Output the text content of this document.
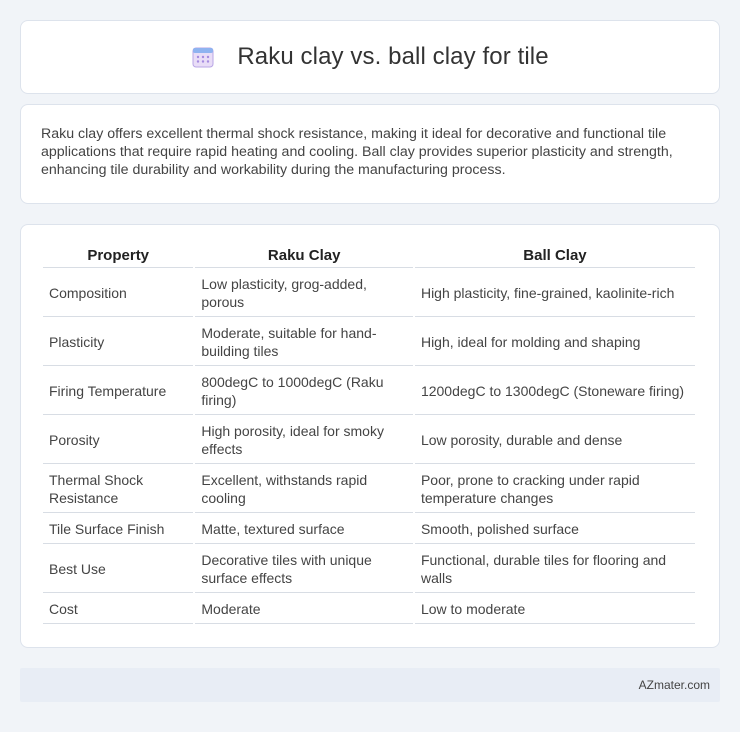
Raku clay vs. ball clay for tile

Raku clay offers excellent thermal shock resistance, making it ideal for decorative and functional tile applications that require rapid heating and cooling. Ball clay provides superior plasticity and strength, enhancing tile durability and workability during the manufacturing process.

Property	Raku Clay	Ball Clay
Composition	Low plasticity, grog-added, porous	High plasticity, fine-grained, kaolinite-rich
Plasticity	Moderate, suitable for hand-building tiles	High, ideal for molding and shaping
Firing Temperature	800degC to 1000degC (Raku firing)	1200degC to 1300degC (Stoneware firing)
Porosity	High porosity, ideal for smoky effects	Low porosity, durable and dense
Thermal Shock Resistance	Excellent, withstands rapid cooling	Poor, prone to cracking under rapid temperature changes
Tile Surface Finish	Matte, textured surface	Smooth, polished surface
Best Use	Decorative tiles with unique surface effects	Functional, durable tiles for flooring and walls
Cost	Moderate	Low to moderate
AZmater.com
